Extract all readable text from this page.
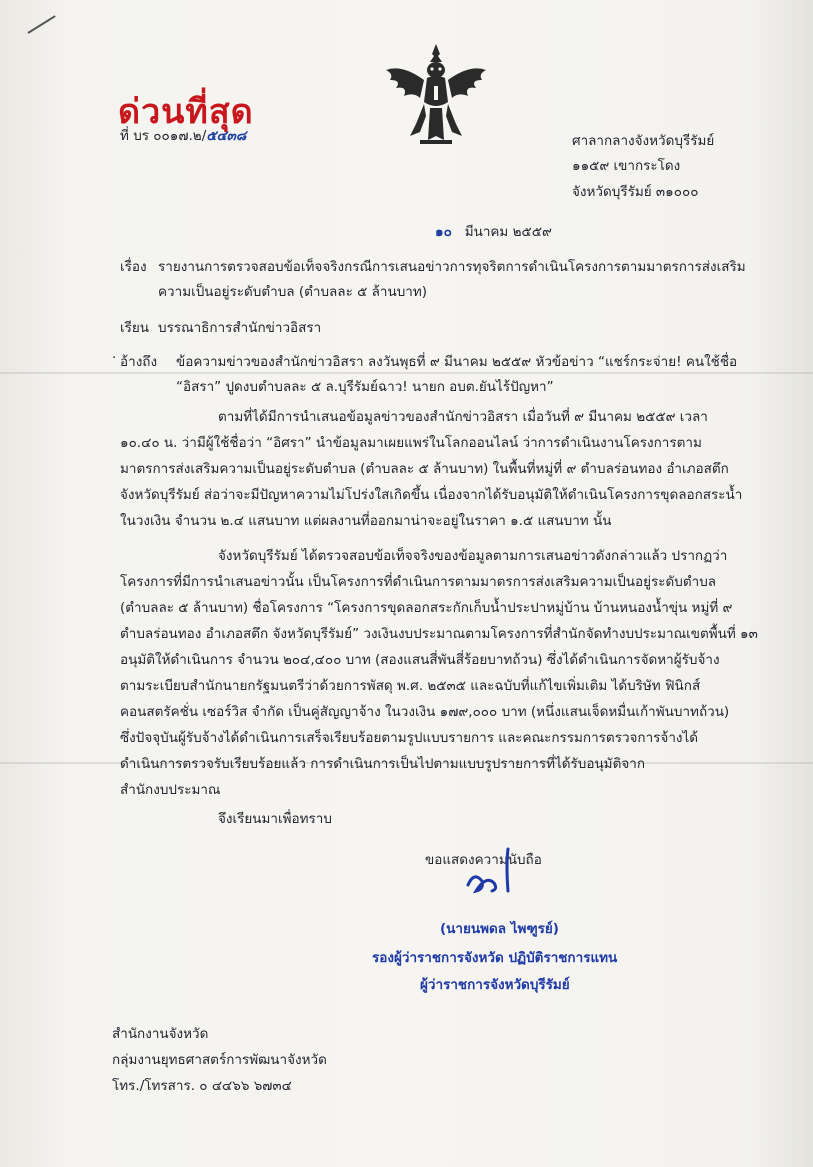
ด่วนที่สุด
ที่ บร ๐๐๑๗.๒/๕๔๓๘	ศาลากลางจังหวัดบุรีรัมย์
๑๑๕๙ เขากระโดง
จังหวัดบุรีรัมย์ ๓๑๐๐๐
๑๐ มีนาคม ๒๕๕๙
เรื่อง รายงานการตรวจสอบข้อเท็จจริงกรณีการเสนอข่าวการทุจริตการดำเนินโครงการตามมาตรการส่งเสริม
ความเป็นอยู่ระดับตำบล (ตำบลละ ๕ ล้านบาท)
เรียน บรรณาธิการสำนักข่าวอิสรา
· อ้างถึง ข้อความข่าวของสำนักข่าวอิสรา ลงวันพุธที่ ๙ มีนาคม ๒๕๕๙ หัวข้อข่าว “แชร์กระจ่าย! คนใช้ชื่อ
“อิสรา” ปูดงบตำบลละ ๕ ล.บุรีรัมย์ฉาว! นายก อบต.ยันไร้ปัญหา”
ตามที่ได้มีการนำเสนอข้อมูลข่าวของสำนักข่าวอิสรา เมื่อวันที่ ๙ มีนาคม ๒๕๕๙ เวลา
๑๐.๔๐ น. ว่ามีผู้ใช้ชื่อว่า “อิศรา” นำข้อมูลมาเผยแพร่ในโลกออนไลน์ ว่าการดำเนินงานโครงการตาม
มาตรการส่งเสริมความเป็นอยู่ระดับตำบล (ตำบลละ ๕ ล้านบาท) ในพื้นที่หมู่ที่ ๙ ตำบลร่อนทอง อำเภอสตึก
จังหวัดบุรีรัมย์ ส่อว่าจะมีปัญหาความไม่โปร่งใสเกิดขึ้น เนื่องจากได้รับอนุมัติให้ดำเนินโครงการขุดลอกสระน้ำ
ในวงเงิน จำนวน ๒.๔ แสนบาท แต่ผลงานที่ออกมาน่าจะอยู่ในราคา ๑.๕ แสนบาท นั้น
จังหวัดบุรีรัมย์ ได้ตรวจสอบข้อเท็จจริงของข้อมูลตามการเสนอข่าวดังกล่าวแล้ว ปรากฏว่า
โครงการที่มีการนำเสนอข่าวนั้น เป็นโครงการที่ดำเนินการตามมาตรการส่งเสริมความเป็นอยู่ระดับตำบล
(ตำบลละ ๕ ล้านบาท) ชื่อโครงการ “โครงการขุดลอกสระกักเก็บน้ำประปาหมู่บ้าน บ้านหนองน้ำขุ่น หมู่ที่ ๙
ตำบลร่อนทอง อำเภอสตึก จังหวัดบุรีรัมย์” วงเงินงบประมาณตามโครงการที่สำนักจัดทำงบประมาณเขตพื้นที่ ๑๓
อนุมัติให้ดำเนินการ จำนวน ๒๐๔,๔๐๐ บาท (สองแสนสี่พันสี่ร้อยบาทถ้วน) ซึ่งได้ดำเนินการจัดหาผู้รับจ้าง
ตามระเบียบสำนักนายกรัฐมนตรีว่าด้วยการพัสดุ พ.ศ. ๒๕๓๕ และฉบับที่แก้ไขเพิ่มเติม ได้บริษัท ฟินิกส์
คอนสตรัคชั่น เซอร์วิส จำกัด เป็นคู่สัญญาจ้าง ในวงเงิน ๑๗๙,๐๐๐ บาท (หนึ่งแสนเจ็ดหมื่นเก้าพันบาทถ้วน)
ซึ่งปัจจุบันผู้รับจ้างได้ดำเนินการเสร็จเรียบร้อยตามรูปแบบรายการ และคณะกรรมการตรวจการจ้างได้
ดำเนินการตรวจรับเรียบร้อยแล้ว การดำเนินการเป็นไปตามแบบรูปรายการที่ได้รับอนุมัติจาก
สำนักงบประมาณ
จึงเรียนมาเพื่อทราบ
ขอแสดงความนับถือ
(นายนพดล ไพฑูรย์)
รองผู้ว่าราชการจังหวัด ปฏิบัติราชการแทน
ผู้ว่าราชการจังหวัดบุรีรัมย์
สำนักงานจังหวัด
กลุ่มงานยุทธศาสตร์การพัฒนาจังหวัด
โทร./โทรสาร. ๐ ๔๔๖๖ ๖๗๓๔
